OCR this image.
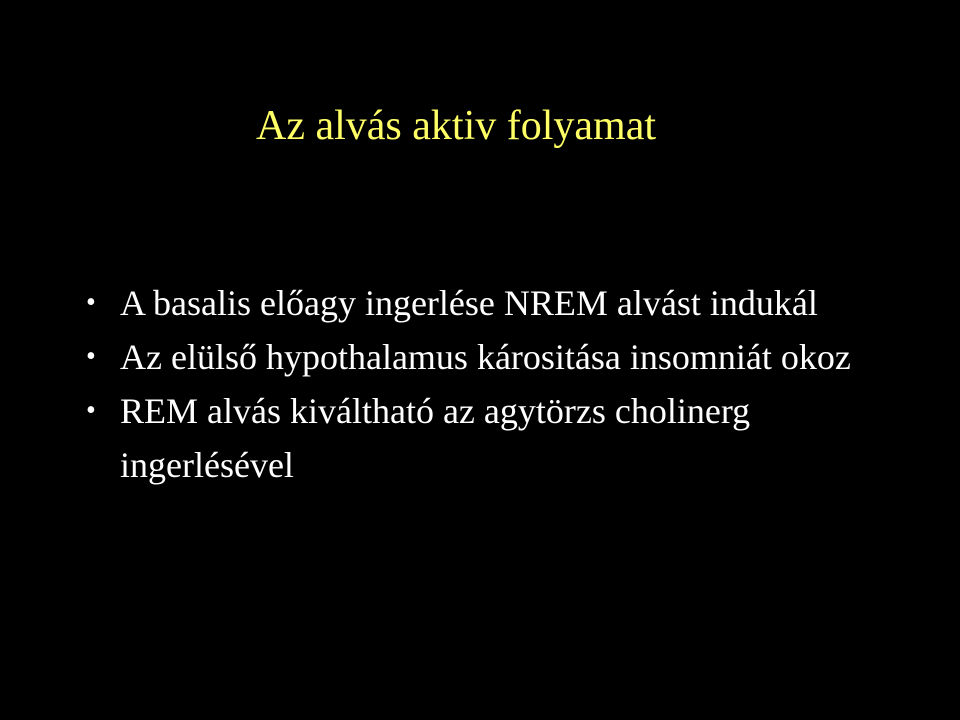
Az alvás aktiv folyamat
• A basalis előagy ingerlése NREM alvást indukál
• Az elülső hypothalamus kárositása insomniát okoz
• REM alvás kiváltható az agytörzs cholinerg ingerlésével
